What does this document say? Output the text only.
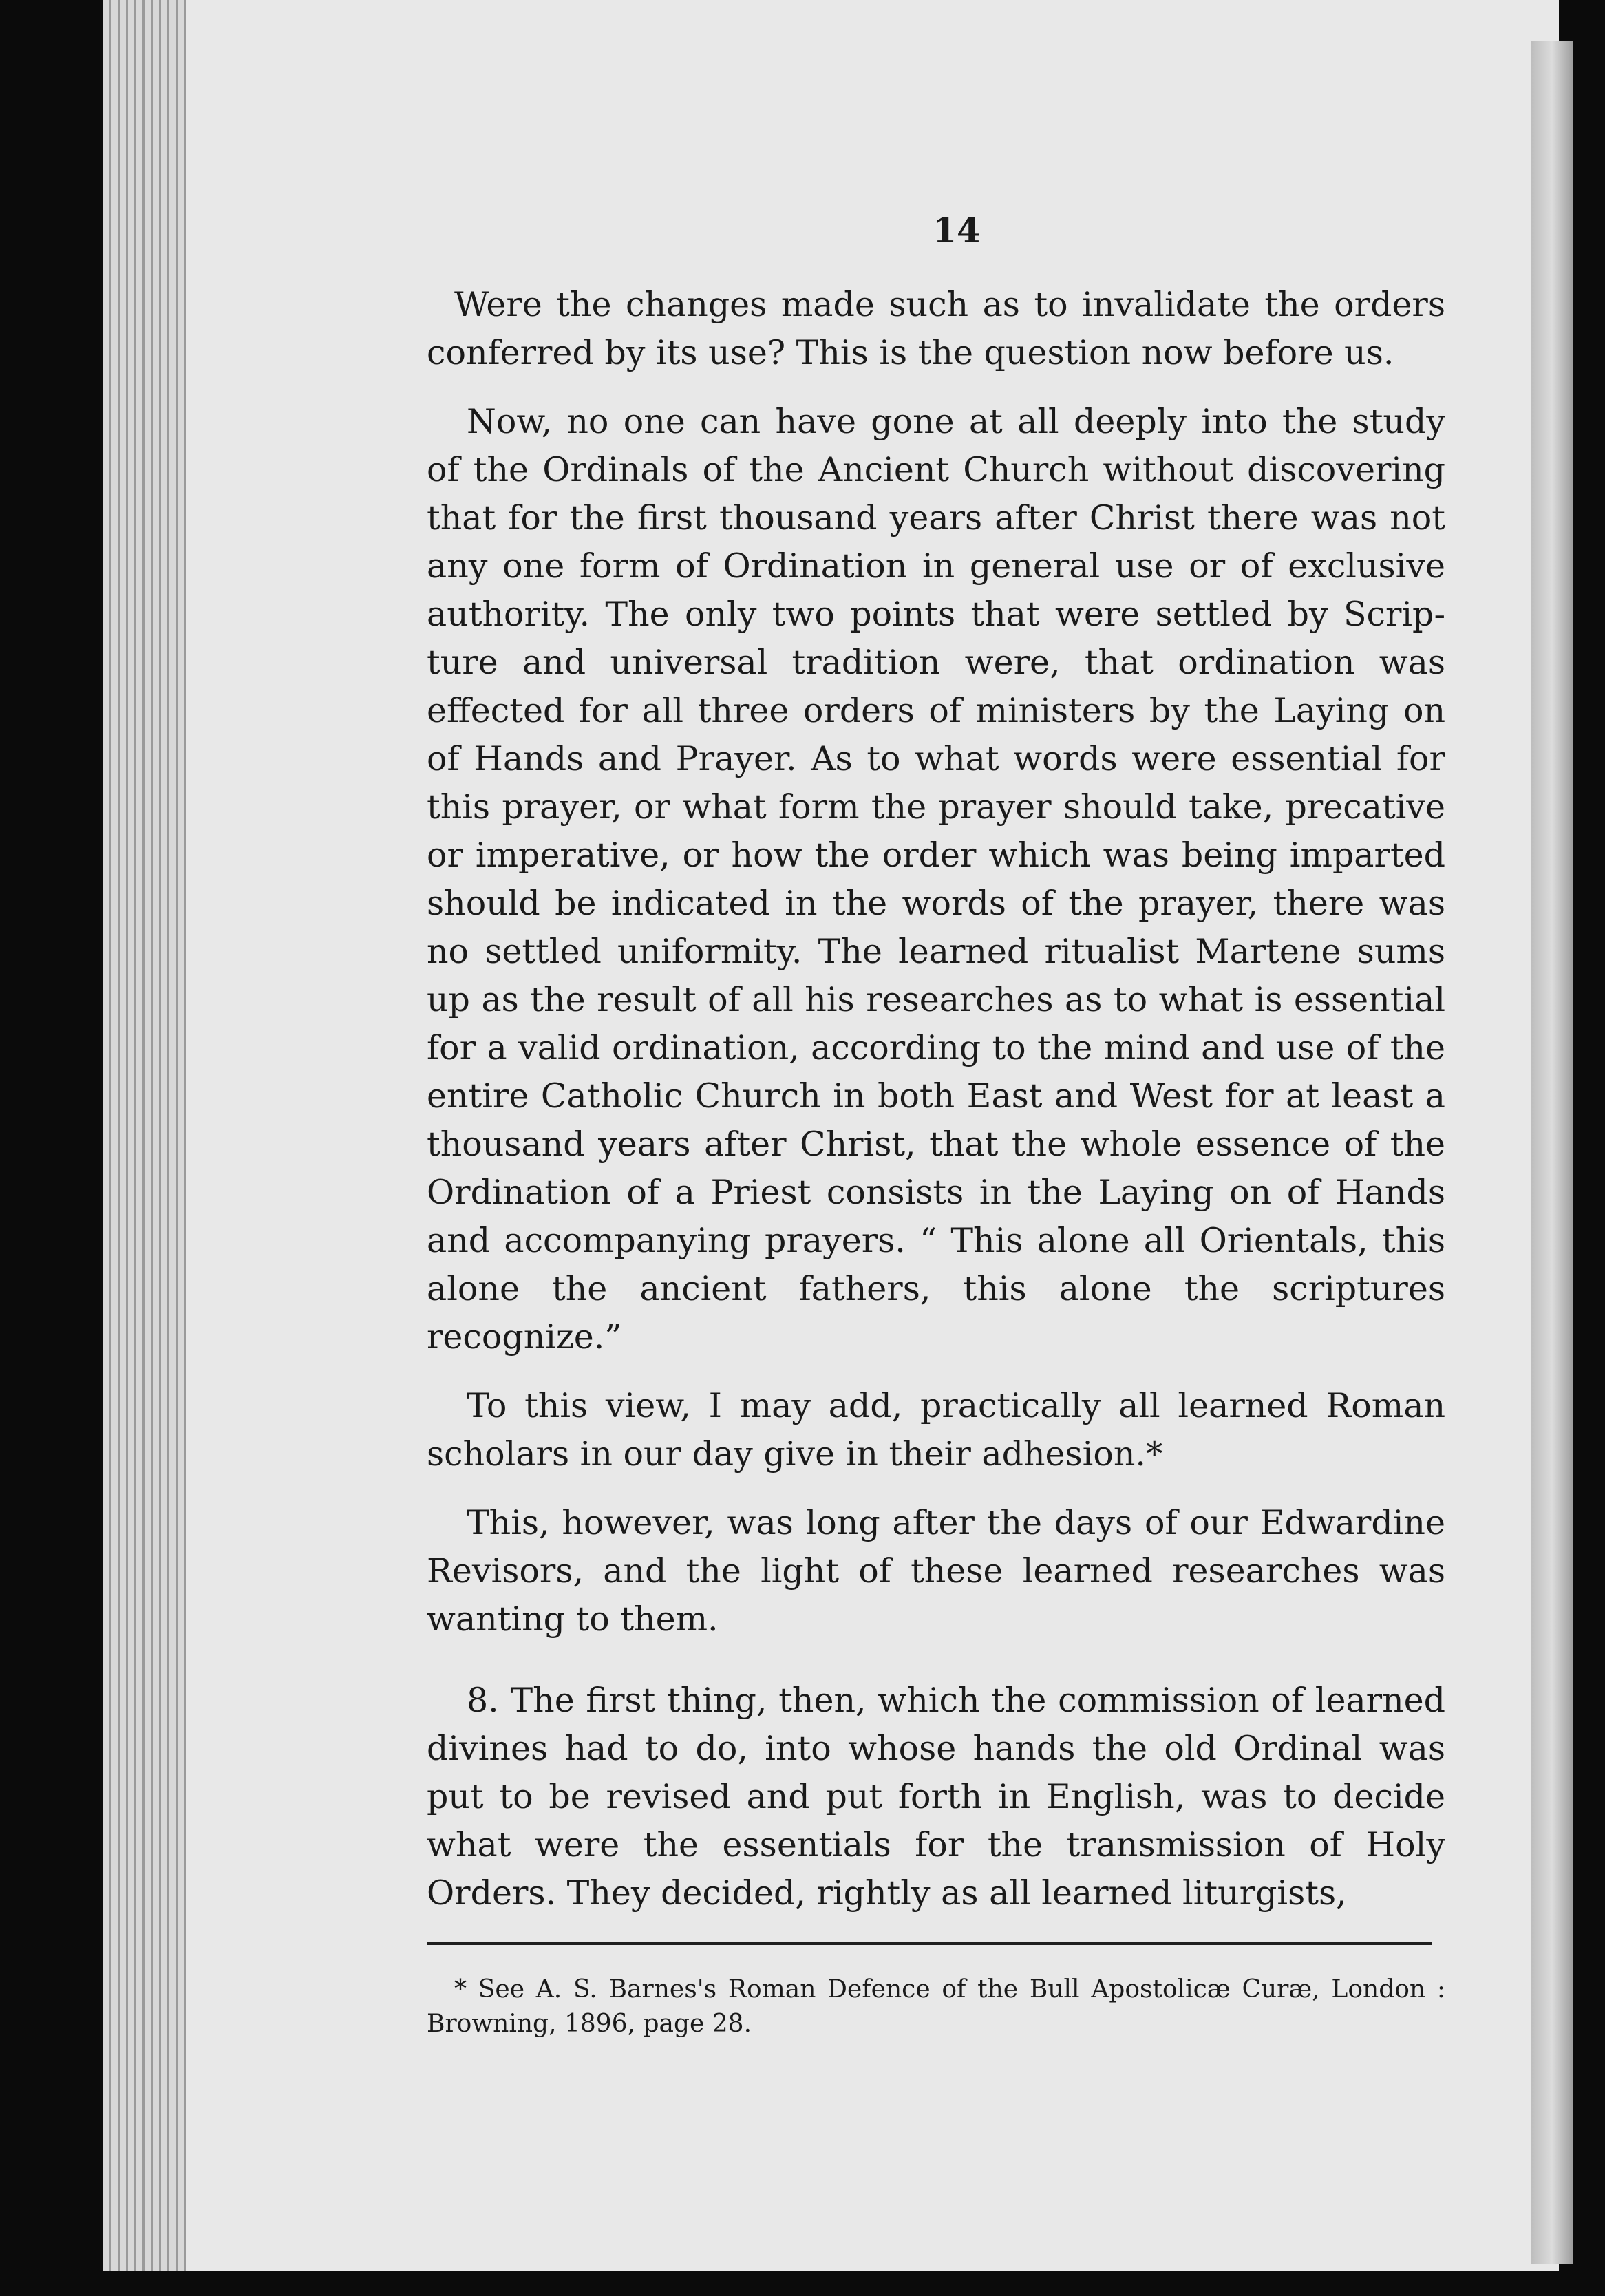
14

Were the changes made such as to invalidate the orders conferred by its use? This is the question now before us.

Now, no one can have gone at all deeply into the study of the Ordinals of the Ancient Church without discovering that for the first thousand years after Christ there was not any one form of Ordination in general use or of exclusive authority. The only two points that were settled by Scripture and universal tradition were, that ordination was effected for all three orders of ministers by the Laying on of Hands and Prayer. As to what words were essential for this prayer, or what form the prayer should take, precative or imperative, or how the order which was being imparted should be indicated in the words of the prayer, there was no settled uniformity. The learned ritualist Martene sums up as the result of all his researches as to what is essential for a valid ordination, according to the mind and use of the entire Catholic Church in both East and West for at least a thousand years after Christ, that the whole essence of the Ordination of a Priest consists in the Laying on of Hands and accompanying prayers. “ This alone all Orientals, this alone the ancient fathers, this alone the scriptures recognize.”

To this view, I may add, practically all learned Roman scholars in our day give in their adhesion.*

This, however, was long after the days of our Edwardine Revisors, and the light of these learned researches was wanting to them.

8. The first thing, then, which the commission of learned divines had to do, into whose hands the old Ordinal was put to be revised and put forth in English, was to decide what were the essentials for the transmission of Holy Orders. They decided, rightly as all learned liturgists,

* See A. S. Barnes's Roman Defence of the Bull Apostolicæ Curæ, London : Browning, 1896, page 28.
